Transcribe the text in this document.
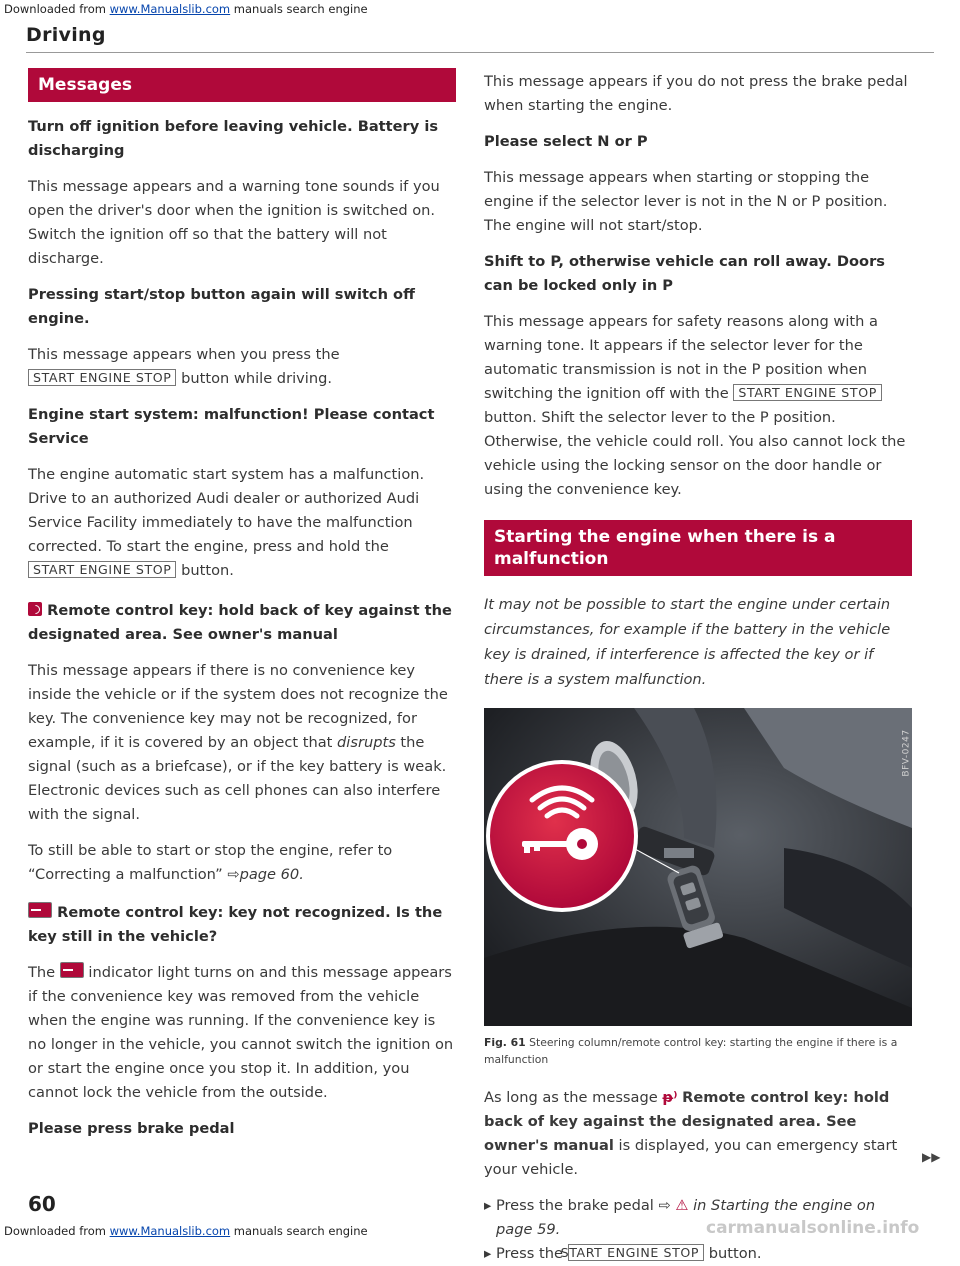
Downloaded from www.Manualslib.com manuals search engine
Driving
Messages

Turn off ignition before leaving vehicle. Battery is discharging

This message appears and a warning tone sounds if you open the driver's door when the ignition is switched on. Switch the ignition off so that the battery will not discharge.

Pressing start/stop button again will switch off engine.

This message appears when you press the START ENGINE STOP button while driving.

Engine start system: malfunction! Please contact Service

The engine automatic start system has a malfunction. Drive to an authorized Audi dealer or authorized Audi Service Facility immediately to have the malfunction corrected. To start the engine, press and hold the START ENGINE STOP button.

Remote control key: hold back of key against the designated area. See owner's manual

This message appears if there is no convenience key inside the vehicle or if the system does not recognize the key. The convenience key may not be recognized, for example, if it is covered by an object that disrupts the signal (such as a briefcase), or if the key battery is weak. Electronic devices such as cell phones can also interfere with the signal.

To still be able to start or stop the engine, refer to “Correcting a malfunction” ⇨page 60.

Remote control key: key not recognized. Is the key still in the vehicle?

The  indicator light turns on and this message appears if the convenience key was removed from the vehicle when the engine was running. If the convenience key is no longer in the vehicle, you cannot switch the ignition on or start the engine once you stop it. In addition, you cannot lock the vehicle from the outside.

Please press brake pedal

This message appears if you do not press the brake pedal when starting the engine.

Please select N or P

This message appears when starting or stopping the engine if the selector lever is not in the N or P position. The engine will not start/stop.

Shift to P, otherwise vehicle can roll away. Doors can be locked only in P

This message appears for safety reasons along with a warning tone. It appears if the selector lever for the automatic transmission is not in the P position when switching the ignition off with the START ENGINE STOP button. Shift the selector lever to the P position. Otherwise, the vehicle could roll. You also cannot lock the vehicle using the locking sensor on the door handle or using the convenience key.

Starting the engine when there is a malfunction

It may not be possible to start the engine under certain circumstances, for example if the battery in the vehicle key is drained, if interference is affected the key or if there is a system malfunction.

BFV-0247

Fig. 61 Steering column/remote control key: starting the engine if there is a malfunction

As long as the message ᵽ⁾ Remote control key: hold back of key against the designated area. See owner's manual is displayed, you can emergency start your vehicle.

▸ Press the brake pedal ⇨ ⚠ in Starting the engine on page 59.

▸ Press the START ENGINE STOP button.

▶▶
60
Downloaded from www.Manualslib.com manuals search engine	carmanualsonline.info
